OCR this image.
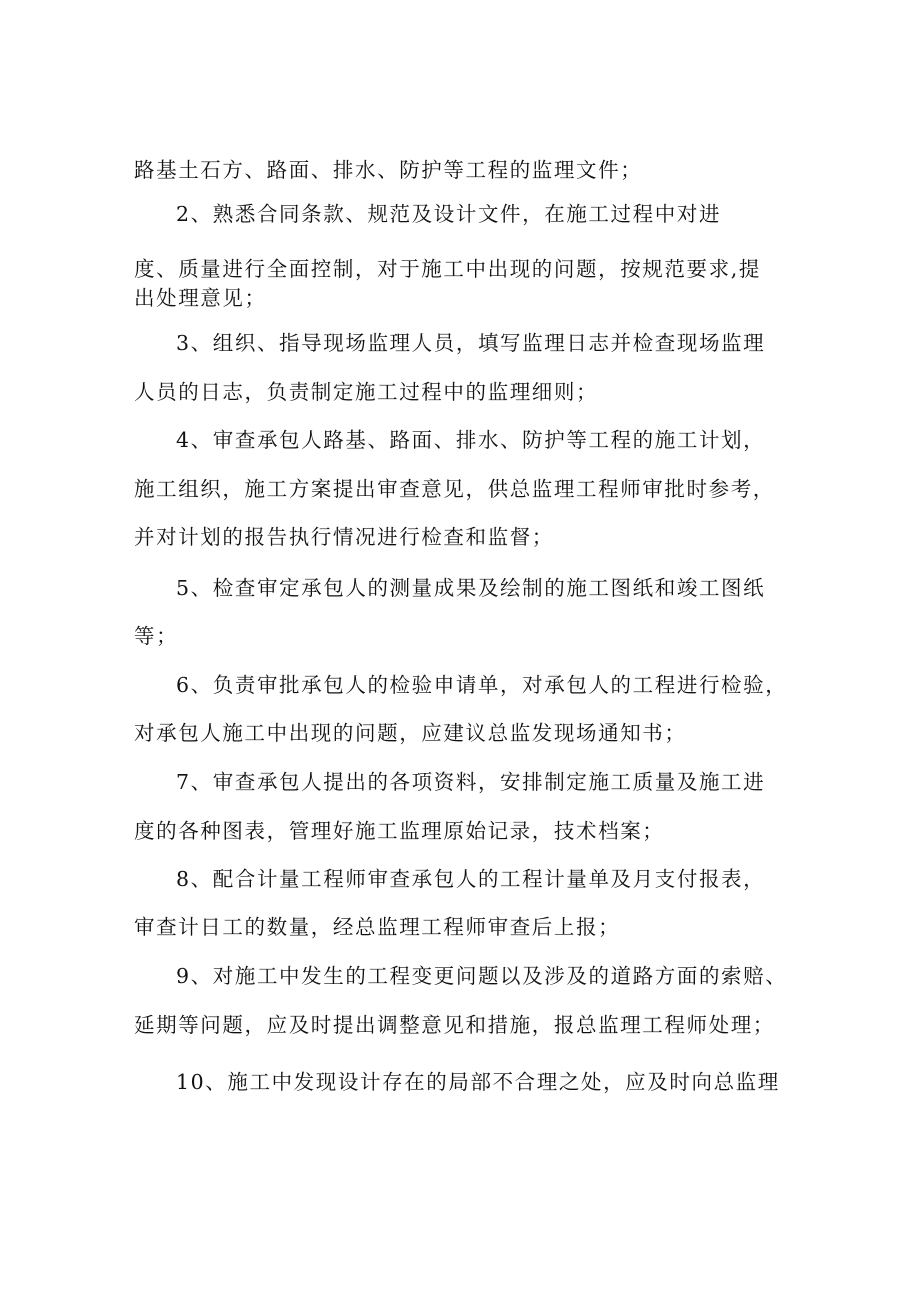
路基土石方、路面、排水、防护等工程的监理文件；
2、熟悉合同条款、规范及设计文件，在施工过程中对进
度、质量进行全面控制，对于施工中出现的问题，按规范要求,提
出处理意见；
3、组织、指导现场监理人员，填写监理日志并检查现场监理
人员的日志，负责制定施工过程中的监理细则；
4、审查承包人路基、路面、排水、防护等工程的施工计划，
施工组织，施工方案提出审查意见，供总监理工程师审批时参考，
并对计划的报告执行情况进行检查和监督；
5、检查审定承包人的测量成果及绘制的施工图纸和竣工图纸
等；
6、负责审批承包人的检验申请单，对承包人的工程进行检验，
对承包人施工中出现的问题，应建议总监发现场通知书；
7、审查承包人提出的各项资料，安排制定施工质量及施工进
度的各种图表，管理好施工监理原始记录，技术档案；
8、配合计量工程师审查承包人的工程计量单及月支付报表，
审查计日工的数量，经总监理工程师审查后上报；
9、对施工中发生的工程变更问题以及涉及的道路方面的索赔、
延期等问题，应及时提出调整意见和措施，报总监理工程师处理；
10、施工中发现设计存在的局部不合理之处，应及时向总监理
